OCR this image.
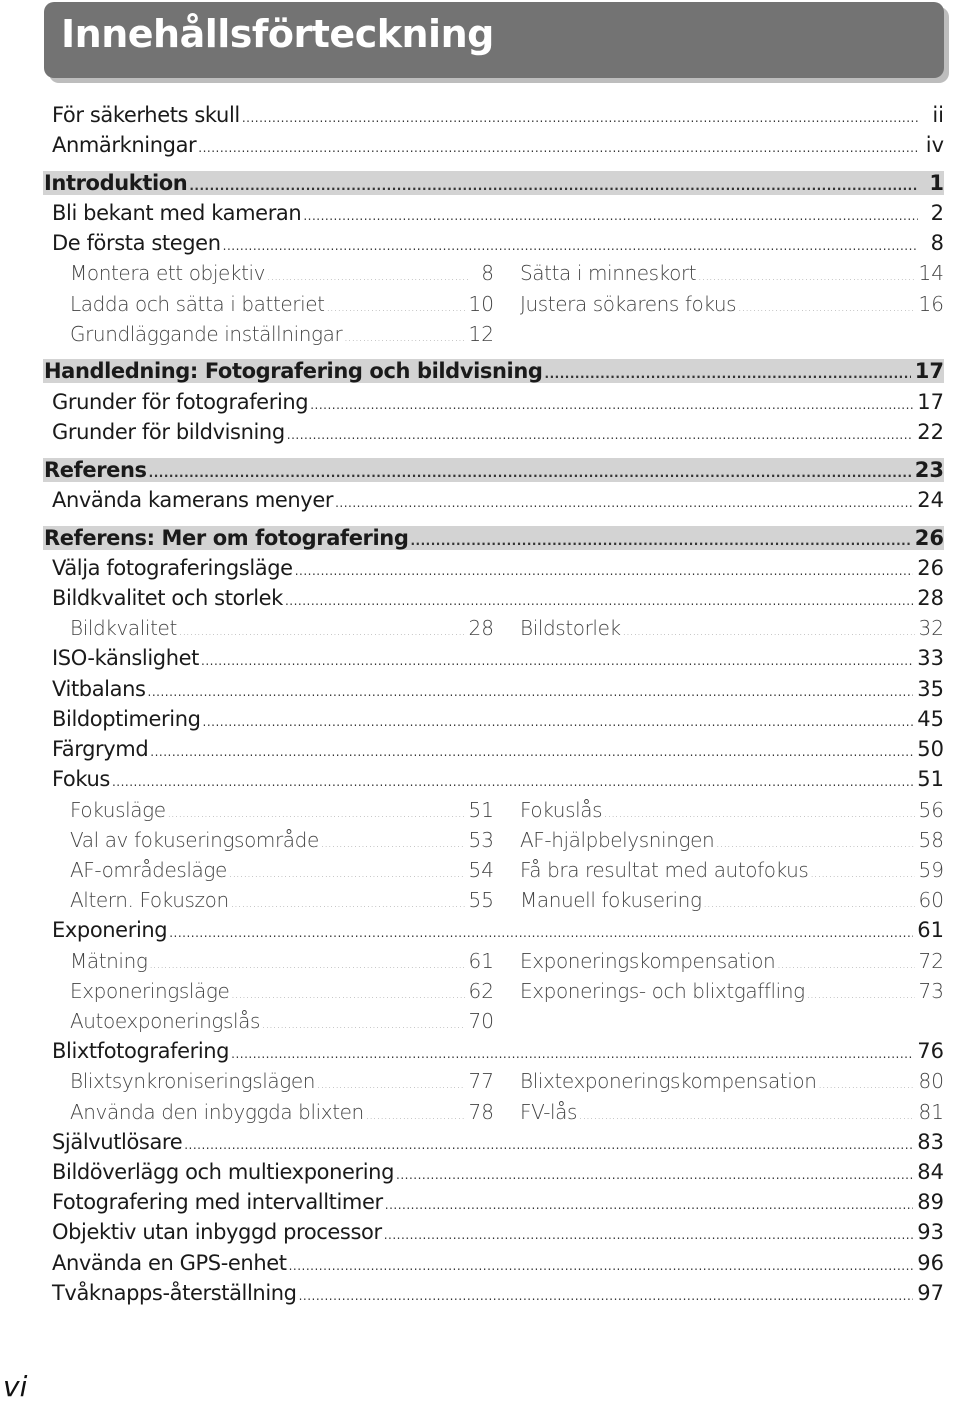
Innehållsförteckning
För säkerhets skull .....	ii
Anmärkningar .....	iv
Introduktion .....	1
Bli bekant med kameran .....	2
De första stegen .....	8
Montera ett objektiv .....	8 Sätta i minneskort .....	14
Ladda och sätta i batteriet .....	10 Justera sökarens fokus .....	16
Grundläggande inställningar .....	12
Handledning: Fotografering och bildvisning .....	17
Grunder för fotografering .....	17
Grunder för bildvisning .....	22
Referens .....	23
Använda kamerans menyer .....	24
Referens: Mer om fotografering .....	26
Välja fotograferingsläge .....	26
Bildkvalitet och storlek .....	28
Bildkvalitet .....	28 Bildstorlek .....	32
ISO-känslighet .....	33
Vitbalans .....	35
Bildoptimering .....	45
Färgrymd .....	50
Fokus .....	51
Fokusläge .....	51 Fokuslås .....	56
Val av fokuseringsområde .....	53 AF-hjälpbelysningen .....	58
AF-områdesläge .....	54 Få bra resultat med autofokus .....	59
Altern. Fokuszon .....	55 Manuell fokusering .....	60
Exponering .....	61
Mätning .....	61 Exponeringskompensation .....	72
Exponeringsläge .....	62 Exponerings- och blixtgaffling .....	73
Autoexponeringslås .....	70
Blixtfotografering .....	76
Blixtsynkroniseringslägen .....	77 Blixtexponeringskompensation .....	80
Använda den inbyggda blixten .....	78 FV-lås .....	81
Självutlösare .....	83
Bildöverlägg och multiexponering .....	84
Fotografering med intervalltimer .....	89
Objektiv utan inbyggd processor .....	93
Använda en GPS-enhet .....	96
Tvåknapps-återställning .....	97
vi
